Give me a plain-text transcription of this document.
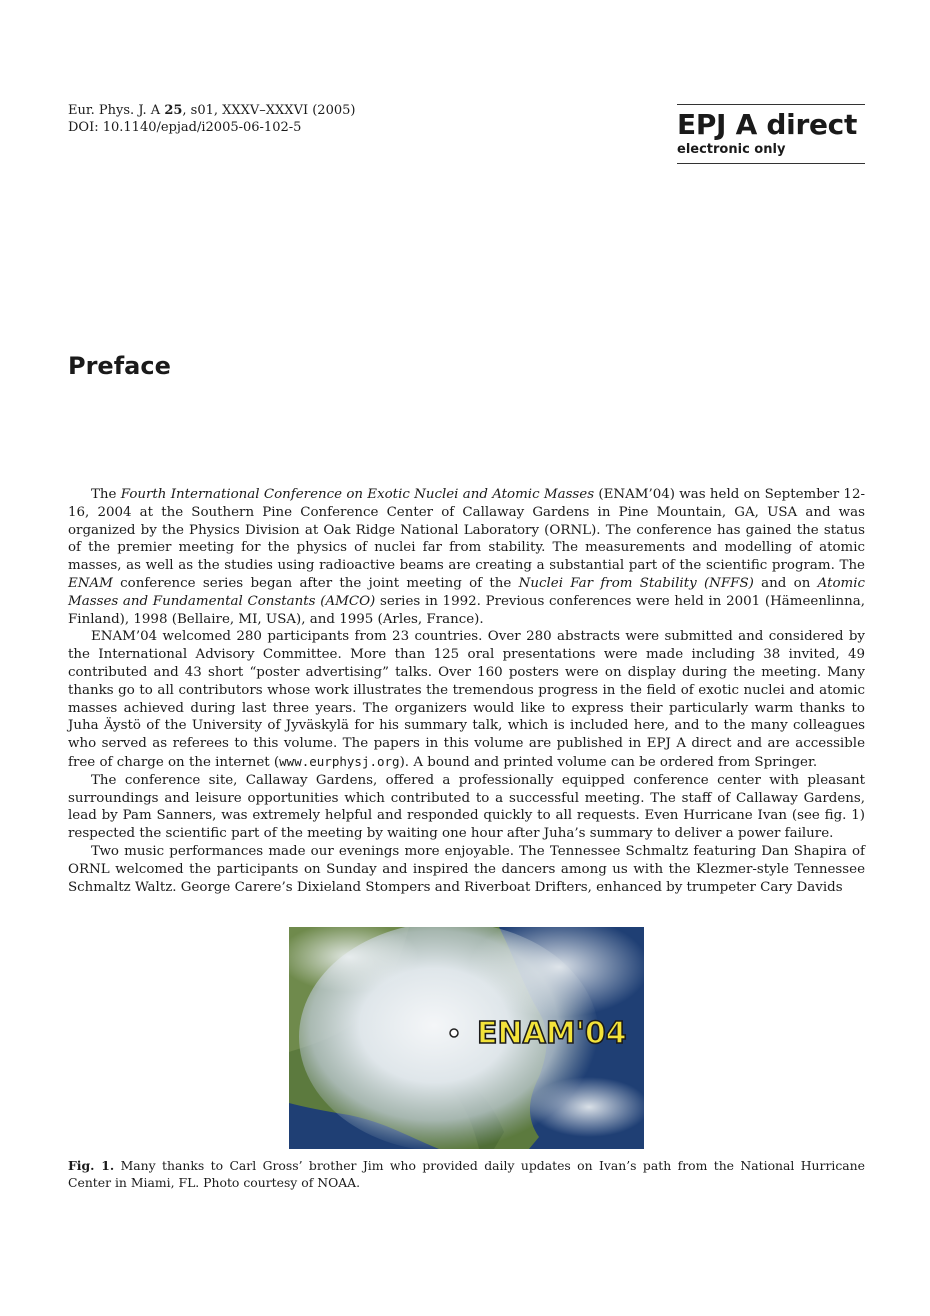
Eur. Phys. J. A 25, s01, XXXV–XXXVI (2005)
DOI: 10.1140/epjad/i2005-06-102-5	EPJ A direct
electronic only
Preface

The Fourth International Conference on Exotic Nuclei and Atomic Masses (ENAM’04) was held on September 12-16, 2004 at the Southern Pine Conference Center of Callaway Gardens in Pine Mountain, GA, USA and was organized by the Physics Division at Oak Ridge National Laboratory (ORNL). The conference has gained the status of the premier meeting for the physics of nuclei far from stability. The measurements and modelling of atomic masses, as well as the studies using radioactive beams are creating a substantial part of the scientific program. The ENAM conference series began after the joint meeting of the Nuclei Far from Stability (NFFS) and on Atomic Masses and Fundamental Constants (AMCO) series in 1992. Previous conferences were held in 2001 (Hämeenlinna, Finland), 1998 (Bellaire, MI, USA), and 1995 (Arles, France).

ENAM’04 welcomed 280 participants from 23 countries. Over 280 abstracts were submitted and considered by the International Advisory Committee. More than 125 oral presentations were made including 38 invited, 49 contributed and 43 short “poster advertising” talks. Over 160 posters were on display during the meeting. Many thanks go to all contributors whose work illustrates the tremendous progress in the field of exotic nuclei and atomic masses achieved during last three years. The organizers would like to express their particularly warm thanks to Juha Äystö of the University of Jyväskylä for his summary talk, which is included here, and to the many colleagues who served as referees to this volume. The papers in this volume are published in EPJ A direct and are accessible free of charge on the internet (www.eurphysj.org). A bound and printed volume can be ordered from Springer.

The conference site, Callaway Gardens, offered a professionally equipped conference center with pleasant surroundings and leisure opportunities which contributed to a successful meeting. The staff of Callaway Gardens, lead by Pam Sanners, was extremely helpful and responded quickly to all requests. Even Hurricane Ivan (see fig. 1) respected the scientific part of the meeting by waiting one hour after Juha’s summary to deliver a power failure.

Two music performances made our evenings more enjoyable. The Tennessee Schmaltz featuring Dan Shapira of ORNL welcomed the participants on Sunday and inspired the dancers among us with the Klezmer-style Tennessee Schmaltz Waltz. George Carere’s Dixieland Stompers and Riverboat Drifters, enhanced by trumpeter Cary Davids

ENAM'04
Fig. 1. Many thanks to Carl Gross’ brother Jim who provided daily updates on Ivan’s path from the National Hurricane Center in Miami, FL. Photo courtesy of NOAA.
